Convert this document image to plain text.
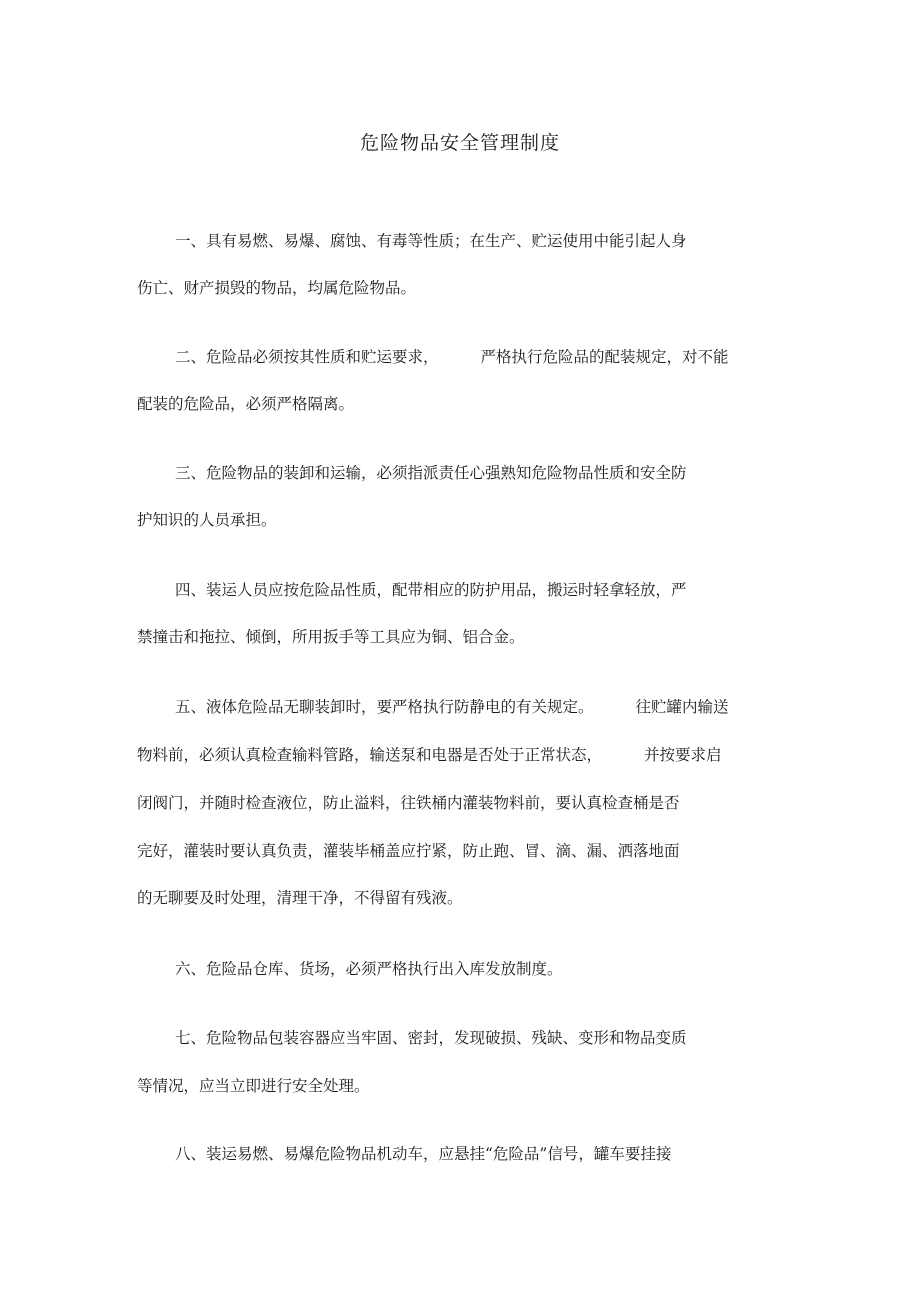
危险物品安全管理制度
一、具有易燃、易爆、腐蚀、有毒等性质；在生产、贮运使用中能引起人身
伤亡、财产损毁的物品，均属危险物品。
二、危险品必须按其性质和贮运要求，	严格执行危险品的配装规定，对不能
配装的危险品，必须严格隔离。
三、危险物品的装卸和运输，必须指派责任心强熟知危险物品性质和安全防
护知识的人员承担。
四、装运人员应按危险品性质，配带相应的防护用品，搬运时轻拿轻放，严
禁撞击和拖拉、倾倒，所用扳手等工具应为铜、铝合金。
五、液体危险品无聊装卸时，要严格执行防静电的有关规定。	往贮罐内输送
物料前，必须认真检查输料管路，输送泵和电器是否处于正常状态，	并按要求启
闭阀门，并随时检查液位，防止溢料，往铁桶内灌装物料前，要认真检查桶是否
完好，灌装时要认真负责，灌装毕桶盖应拧紧，防止跑、冒、滴、漏、洒落地面
的无聊要及时处理，清理干净，不得留有残液。
六、危险品仓库、货场，必须严格执行出入库发放制度。
七、危险物品包装容器应当牢固、密封，发现破损、残缺、变形和物品变质
等情况，应当立即进行安全处理。
八、装运易燃、易爆危险物品机动车，应悬挂“危险品”信号，罐车要挂接
